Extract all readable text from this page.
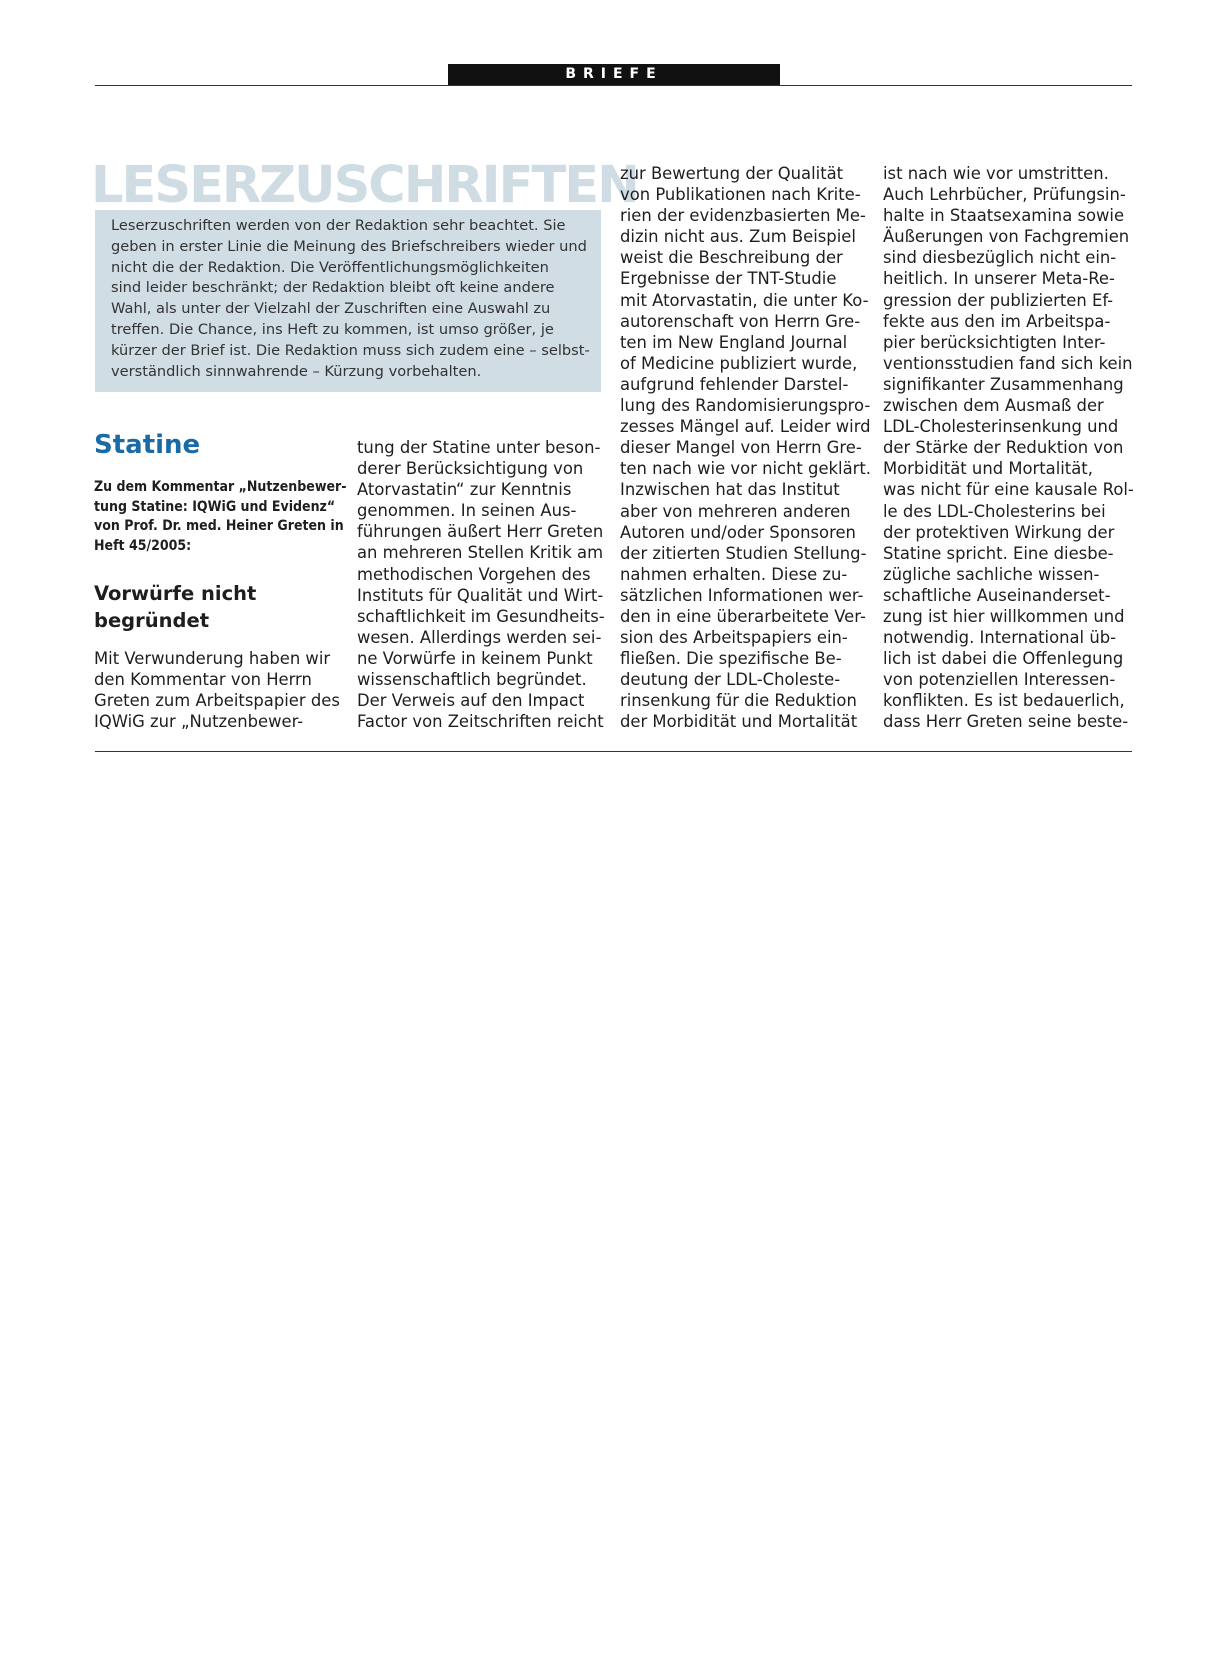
BRIEFE
LESERZUSCHRIFTEN
Leserzuschriften werden von der Redaktion sehr beachtet. Sie
geben in erster Linie die Meinung des Briefschreibers wieder und
nicht die der Redaktion. Die Veröffentlichungsmöglichkeiten
sind leider beschränkt; der Redaktion bleibt oft keine andere
Wahl, als unter der Vielzahl der Zuschriften eine Auswahl zu
treffen. Die Chance, ins Heft zu kommen, ist umso größer, je
kürzer der Brief ist. Die Redaktion muss sich zudem eine – selbst-
verständlich sinnwahrende – Kürzung vorbehalten.
Statine
Zu dem Kommentar „Nutzenbewer-
tung Statine: IQWiG und Evidenz“
von Prof. Dr. med. Heiner Greten in
Heft 45/2005:
Vorwürfe nicht
begründet
Mit Verwunderung haben wir
den Kommentar von Herrn
Greten zum Arbeitspapier des
IQWiG zur „Nutzenbewer-
tung der Statine unter beson-
derer Berücksichtigung von
Atorvastatin“ zur Kenntnis
genommen. In seinen Aus-
führungen äußert Herr Greten
an mehreren Stellen Kritik am
methodischen Vorgehen des
Instituts für Qualität und Wirt-
schaftlichkeit im Gesundheits-
wesen. Allerdings werden sei-
ne Vorwürfe in keinem Punkt
wissenschaftlich begründet.
Der Verweis auf den Impact
Factor von Zeitschriften reicht
zur Bewertung der Qualität
von Publikationen nach Krite-
rien der evidenzbasierten Me-
dizin nicht aus. Zum Beispiel
weist die Beschreibung der
Ergebnisse der TNT-Studie
mit Atorvastatin, die unter Ko-
autorenschaft von Herrn Gre-
ten im New England Journal
of Medicine publiziert wurde,
aufgrund fehlender Darstel-
lung des Randomisierungspro-
zesses Mängel auf. Leider wird
dieser Mangel von Herrn Gre-
ten nach wie vor nicht geklärt.
Inzwischen hat das Institut
aber von mehreren anderen
Autoren und/oder Sponsoren
der zitierten Studien Stellung-
nahmen erhalten. Diese zu-
sätzlichen Informationen wer-
den in eine überarbeitete Ver-
sion des Arbeitspapiers ein-
fließen. Die spezifische Be-
deutung der LDL-Choleste-
rinsenkung für die Reduktion
der Morbidität und Mortalität
ist nach wie vor umstritten.
Auch Lehrbücher, Prüfungsin-
halte in Staatsexamina sowie
Äußerungen von Fachgremien
sind diesbezüglich nicht ein-
heitlich. In unserer Meta-Re-
gression der publizierten Ef-
fekte aus den im Arbeitspa-
pier berücksichtigten Inter-
ventionsstudien fand sich kein
signifikanter Zusammenhang
zwischen dem Ausmaß der
LDL-Cholesterinsenkung und
der Stärke der Reduktion von
Morbidität und Mortalität,
was nicht für eine kausale Rol-
le des LDL-Cholesterins bei
der protektiven Wirkung der
Statine spricht. Eine diesbe-
zügliche sachliche wissen-
schaftliche Auseinanderset-
zung ist hier willkommen und
notwendig. International üb-
lich ist dabei die Offenlegung
von potenziellen Interessen-
konflikten. Es ist bedauerlich,
dass Herr Greten seine beste-
